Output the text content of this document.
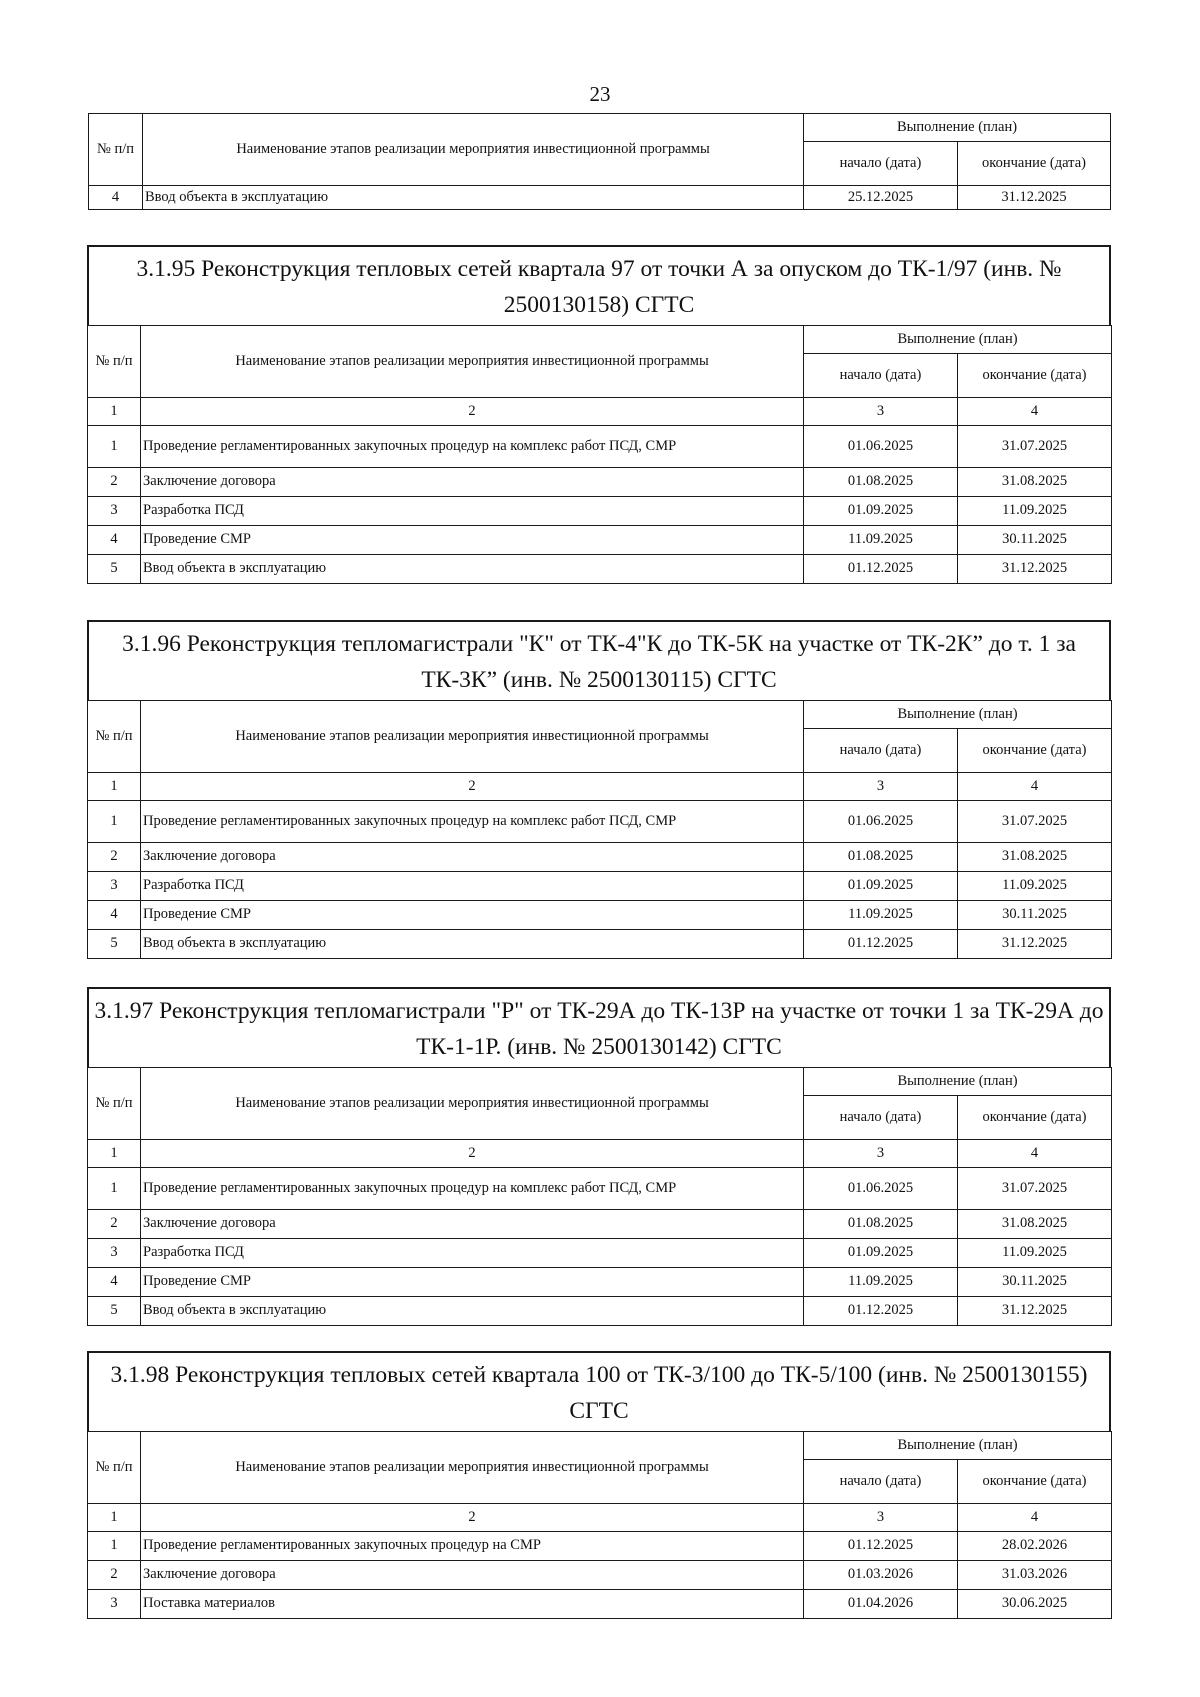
23
№ п/п	Наименование этапов реализации мероприятия инвестиционной программы	Выполнение (план)	
		начало (дата)	окончание (дата)
4	Ввод объекта в эксплуатацию	25.12.2025	31.12.2025
3.1.95 Реконструкция тепловых сетей квартала 97 от точки А за опуском до ТК-1/97 (инв. № 2500130158) СГТС
№ п/п	Наименование этапов реализации мероприятия инвестиционной программы	Выполнение (план)	
		начало (дата)	окончание (дата)
1	2	3	4
1	Проведение регламентированных закупочных процедур на комплекс работ ПСД, СМР	01.06.2025	31.07.2025
2	Заключение договора	01.08.2025	31.08.2025
3	Разработка ПСД	01.09.2025	11.09.2025
4	Проведение СМР	11.09.2025	30.11.2025
5	Ввод объекта в эксплуатацию	01.12.2025	31.12.2025
3.1.96 Реконструкция тепломагистрали "К" от ТК-4"К до ТК-5К на участке от ТК-2К” до т. 1 за ТК-3К” (инв. № 2500130115) СГТС
№ п/п	Наименование этапов реализации мероприятия инвестиционной программы	Выполнение (план)	
		начало (дата)	окончание (дата)
1	2	3	4
1	Проведение регламентированных закупочных процедур на комплекс работ ПСД, СМР	01.06.2025	31.07.2025
2	Заключение договора	01.08.2025	31.08.2025
3	Разработка ПСД	01.09.2025	11.09.2025
4	Проведение СМР	11.09.2025	30.11.2025
5	Ввод объекта в эксплуатацию	01.12.2025	31.12.2025
3.1.97 Реконструкция тепломагистрали "Р" от ТК-29А до ТК-13Р на участке от точки 1 за ТК-29А до ТК-1-1Р. (инв. № 2500130142) СГТС
№ п/п	Наименование этапов реализации мероприятия инвестиционной программы	Выполнение (план)	
		начало (дата)	окончание (дата)
1	2	3	4
1	Проведение регламентированных закупочных процедур на комплекс работ ПСД, СМР	01.06.2025	31.07.2025
2	Заключение договора	01.08.2025	31.08.2025
3	Разработка ПСД	01.09.2025	11.09.2025
4	Проведение СМР	11.09.2025	30.11.2025
5	Ввод объекта в эксплуатацию	01.12.2025	31.12.2025
3.1.98 Реконструкция тепловых сетей квартала 100 от ТК-3/100 до ТК-5/100 (инв. № 2500130155) СГТС
№ п/п	Наименование этапов реализации мероприятия инвестиционной программы	Выполнение (план)	
		начало (дата)	окончание (дата)
1	2	3	4
1	Проведение регламентированных закупочных процедур на СМР	01.12.2025	28.02.2026
2	Заключение договора	01.03.2026	31.03.2026
3	Поставка материалов	01.04.2026	30.06.2025
